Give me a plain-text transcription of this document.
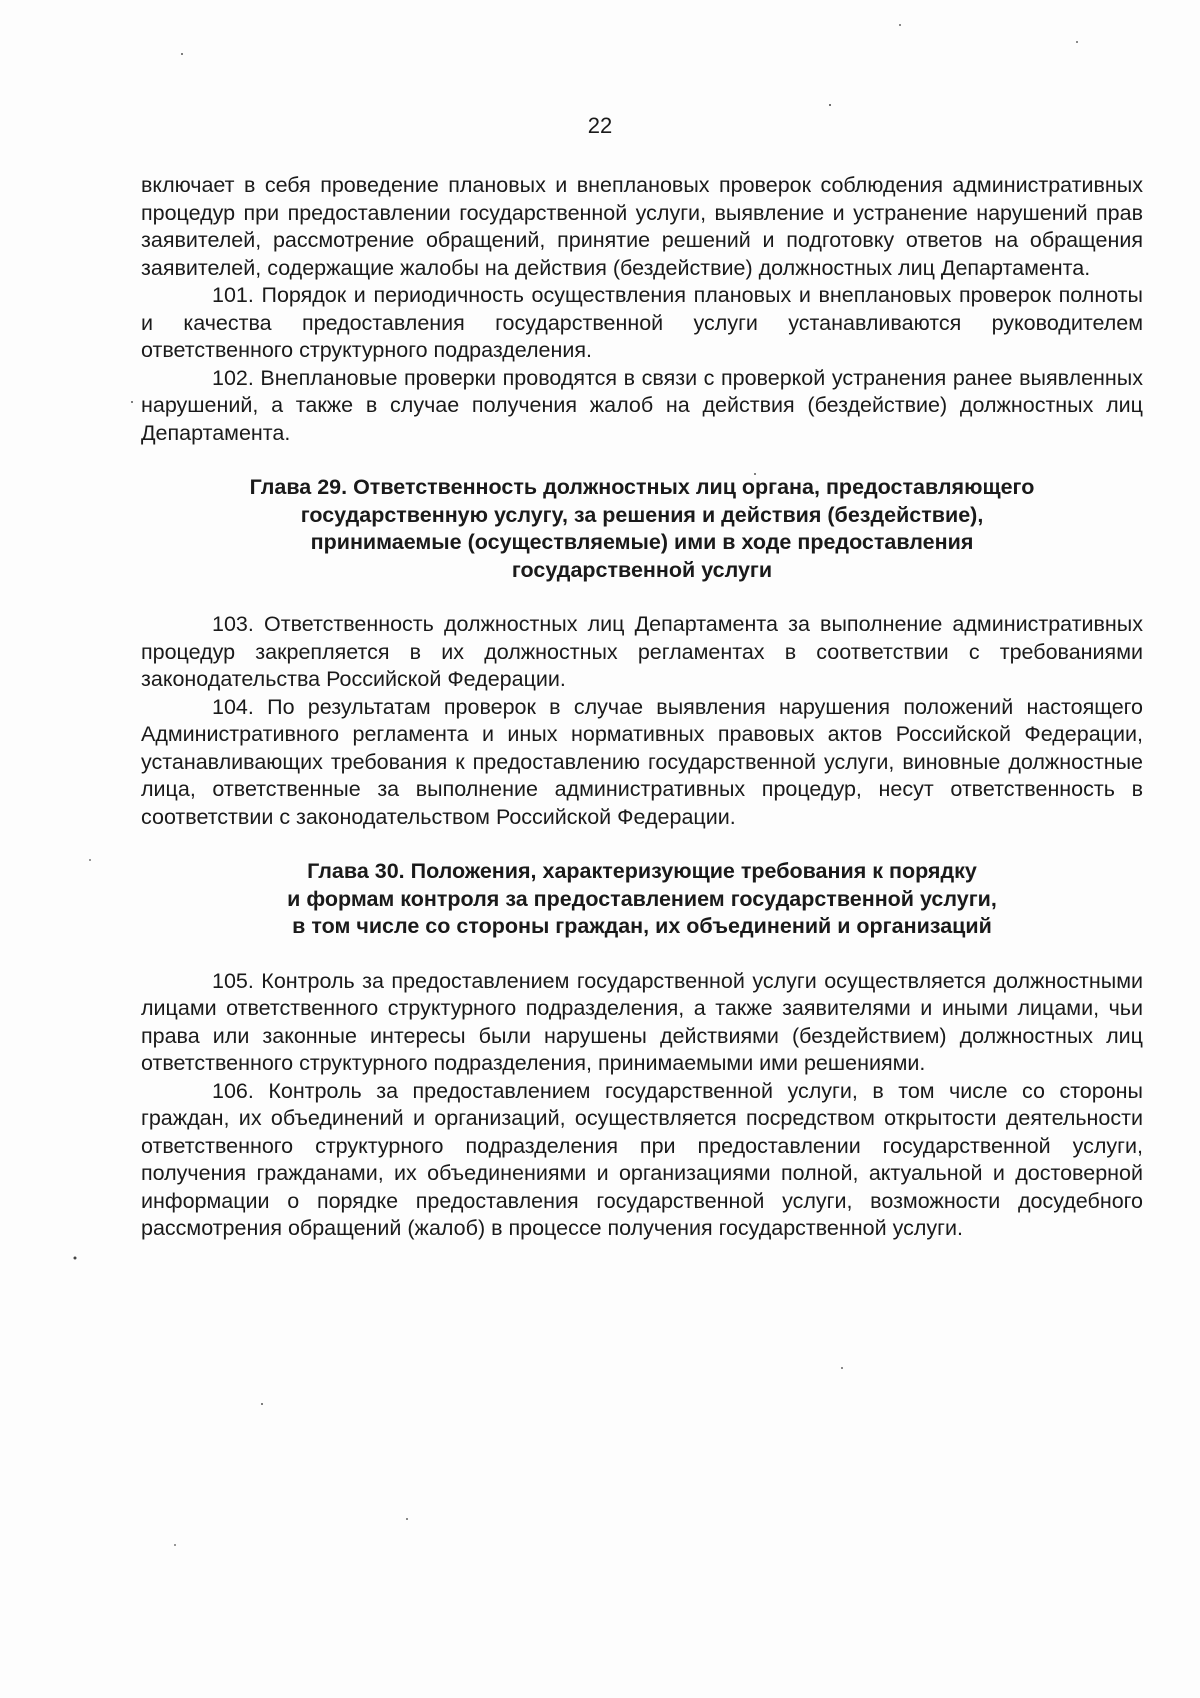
22

включает в себя проведение плановых и внеплановых проверок соблюдения административных процедур при предоставлении государственной услуги, выявление и устранение нарушений прав заявителей, рассмотрение обращений, принятие решений и подготовку ответов на обращения заявителей, содержащие жалобы на действия (бездействие) должностных лиц Департамента.

101. Порядок и периодичность осуществления плановых и внеплановых проверок полноты и качества предоставления государственной услуги устанавливаются руководителем ответственного структурного подразделения.

102. Внеплановые проверки проводятся в связи с проверкой устранения ранее выявленных нарушений, а также в случае получения жалоб на действия (бездействие) должностных лиц Департамента.

Глава 29. Ответственность должностных лиц органа, предоставляющего
государственную услугу, за решения и действия (бездействие),
принимаемые (осуществляемые) ими в ходе предоставления
государственной услуги

103. Ответственность должностных лиц Департамента за выполнение административных процедур закрепляется в их должностных регламентах в соответствии с требованиями законодательства Российской Федерации.

104. По результатам проверок в случае выявления нарушения положений настоящего Административного регламента и иных нормативных правовых актов Российской Федерации, устанавливающих требования к предоставлению государственной услуги, виновные должностные лица, ответственные за выполнение административных процедур, несут ответственность в соответствии с законодательством Российской Федерации.

Глава 30. Положения, характеризующие требования к порядку
и формам контроля за предоставлением государственной услуги,
в том числе со стороны граждан, их объединений и организаций

105. Контроль за предоставлением государственной услуги осуществляется должностными лицами ответственного структурного подразделения, а также заявителями и иными лицами, чьи права или законные интересы были нарушены действиями (бездействием) должностных лиц ответственного структурного подразделения, принимаемыми ими решениями.

106. Контроль за предоставлением государственной услуги, в том числе со стороны граждан, их объединений и организаций, осуществляется посредством открытости деятельности ответственного структурного подразделения при предоставлении государственной услуги, получения гражданами, их объединениями и организациями полной, актуальной и достоверной информации о порядке предоставления государственной услуги, возможности досудебного рассмотрения обращений (жалоб) в процессе получения государственной услуги.
